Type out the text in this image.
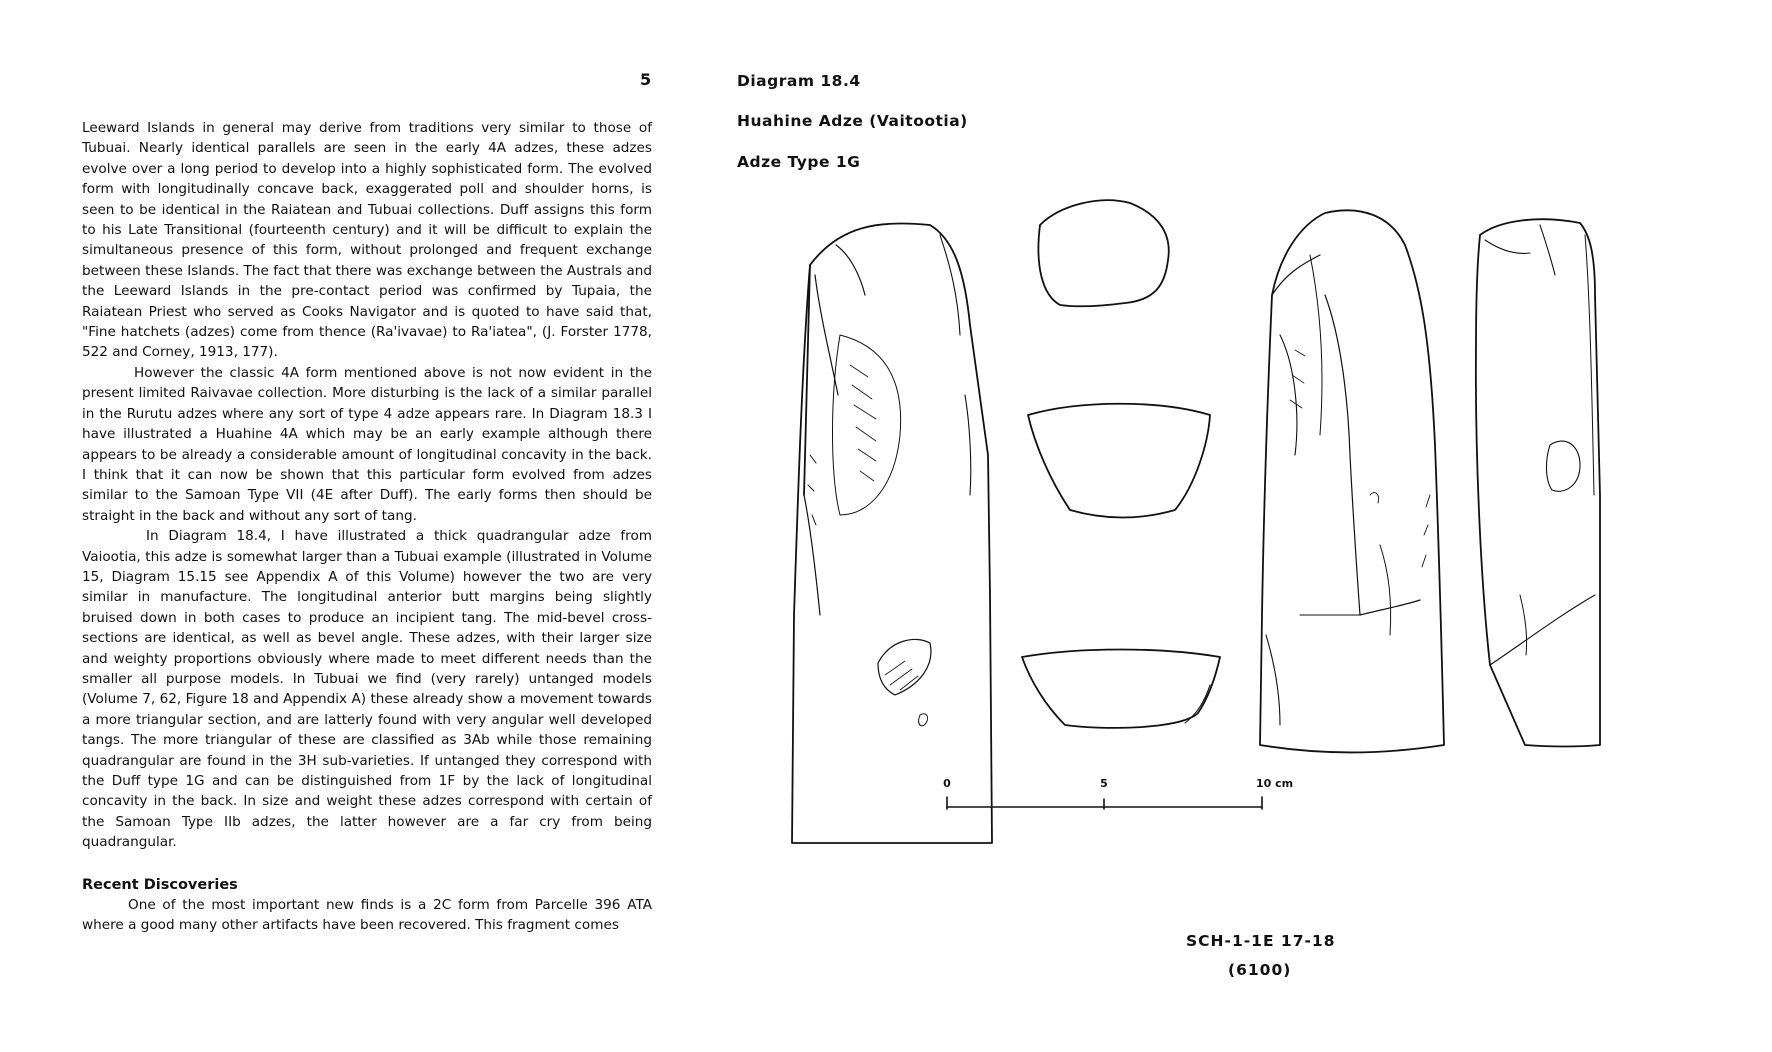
5

Leeward Islands in general may derive from traditions very similar to those of Tubuai. Nearly identical parallels are seen in the early 4A adzes, these adzes evolve over a long period to develop into a highly sophisticated form. The evolved form with longitudinally concave back, exaggerated poll and shoulder horns, is seen to be identical in the Raiatean and Tubuai collections. Duff assigns this form to his Late Transitional (fourteenth century) and it will be difficult to explain the simultaneous presence of this form, without prolonged and frequent exchange between these Islands. The fact that there was exchange between the Australs and the Leeward Islands in the pre-contact period was confirmed by Tupaia, the Raiatean Priest who served as Cooks Navigator and is quoted to have said that, "Fine hatchets (adzes) come from thence (Ra'ivavae) to Ra'iatea", (J. Forster 1778, 522 and Corney, 1913, 177).

However the classic 4A form mentioned above is not now evident in the present limited Raivavae collection. More disturbing is the lack of a similar parallel in the Rurutu adzes where any sort of type 4 adze appears rare. In Diagram 18.3 I have illustrated a Huahine 4A which may be an early example although there appears to be already a considerable amount of longitudinal concavity in the back. I think that it can now be shown that this particular form evolved from adzes similar to the Samoan Type VII (4E after Duff). The early forms then should be straight in the back and without any sort of tang.

In Diagram 18.4, I have illustrated a thick quadrangular adze from Vaiootia, this adze is somewhat larger than a Tubuai example (illustrated in Volume 15, Diagram 15.15 see Appendix A of this Volume) however the two are very similar in manufacture. The longitudinal anterior butt margins being slightly bruised down in both cases to produce an incipient tang. The mid-bevel cross-sections are identical, as well as bevel angle. These adzes, with their larger size and weighty proportions obviously where made to meet different needs than the smaller all purpose models. In Tubuai we find (very rarely) untanged models (Volume 7, 62, Figure 18 and Appendix A) these already show a movement towards a more triangular section, and are latterly found with very angular well developed tangs. The more triangular of these are classified as 3Ab while those remaining quadrangular are found in the 3H sub-varieties. If untanged they correspond with the Duff type 1G and can be distinguished from 1F by the lack of longitudinal concavity in the back. In size and weight these adzes correspond with certain of the Samoan Type IIb adzes, the latter however are a far cry from being quadrangular.

Recent Discoveries

One of the most important new finds is a 2C form from Parcelle 396 ATA where a good many other artifacts have been recovered. This fragment comes

Diagram 18.4
Huahine Adze (Vaitootia)
Adze Type 1G
0	5	10 cm
SCH-1-1E 17-18
(6100)
